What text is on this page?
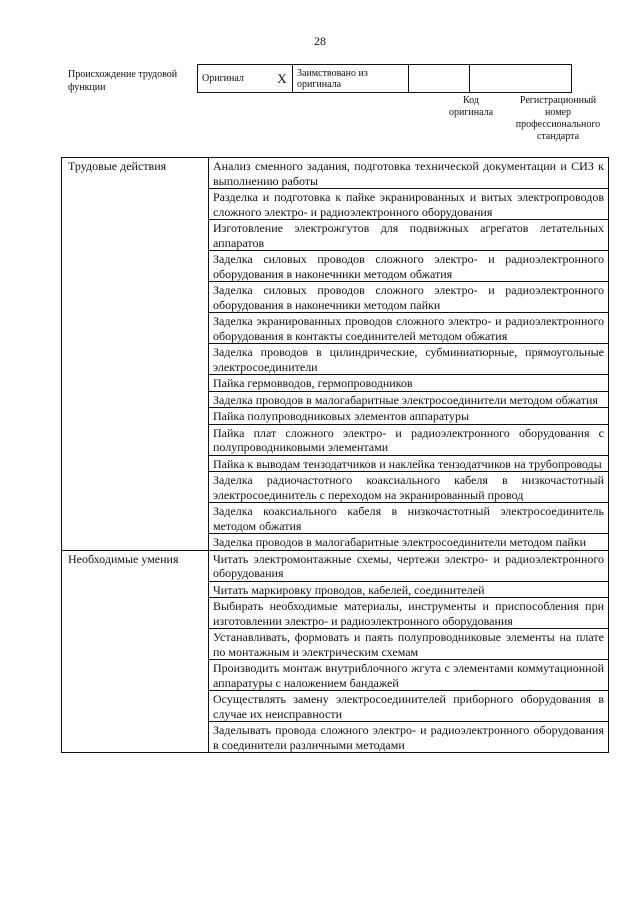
28
Происхождение трудовой функции
Оригинал	X	Заимствовано из оригинала		
Код оригинала
Регистрационный номер профессионального стандарта
Трудовые действия	Анализ сменного задания, подготовка технической документации и СИЗ к выполнению работы
	Разделка и подготовка к пайке экранированных и витых электропроводов сложного электро- и радиоэлектронного оборудования
	Изготовление электрожгутов для подвижных агрегатов летательных аппаратов
	Заделка силовых проводов сложного электро- и радиоэлектронного оборудования в наконечники методом обжатия
	Заделка силовых проводов сложного электро- и радиоэлектронного оборудования в наконечники методом пайки
	Заделка экранированных проводов сложного электро- и радиоэлектронного оборудования в контакты соединителей методом обжатия
	Заделка проводов в цилиндрические, субминиатюрные, прямоугольные электросоединители
	Пайка гермовводов, гермопроводников
	Заделка проводов в малогабаритные электросоединители методом обжатия
	Пайка полупроводниковых элементов аппаратуры
	Пайка плат сложного электро- и радиоэлектронного оборудования с полупроводниковыми элементами
	Пайка к выводам тензодатчиков и наклейка тензодатчиков на трубопроводы
	Заделка радиочастотного коаксиального кабеля в низкочастотный электросоединитель с переходом на экранированный провод
	Заделка коаксиального кабеля в низкочастотный электросоединитель методом обжатия
	Заделка проводов в малогабаритные электросоединители методом пайки
Необходимые умения	Читать электромонтажные схемы, чертежи электро- и радиоэлектронного оборудования
	Читать маркировку проводов, кабелей, соединителей
	Выбирать необходимые материалы, инструменты и приспособления при изготовлении электро- и радиоэлектронного оборудования
	Устанавливать, формовать и паять полупроводниковые элементы на плате по монтажным и электрическим схемам
	Производить монтаж внутриблочного жгута с элементами коммутационной аппаратуры с наложением бандажей
	Осуществлять замену электросоединителей приборного оборудования в случае их неисправности
	Заделывать провода сложного электро- и радиоэлектронного оборудования в соединители различными методами
